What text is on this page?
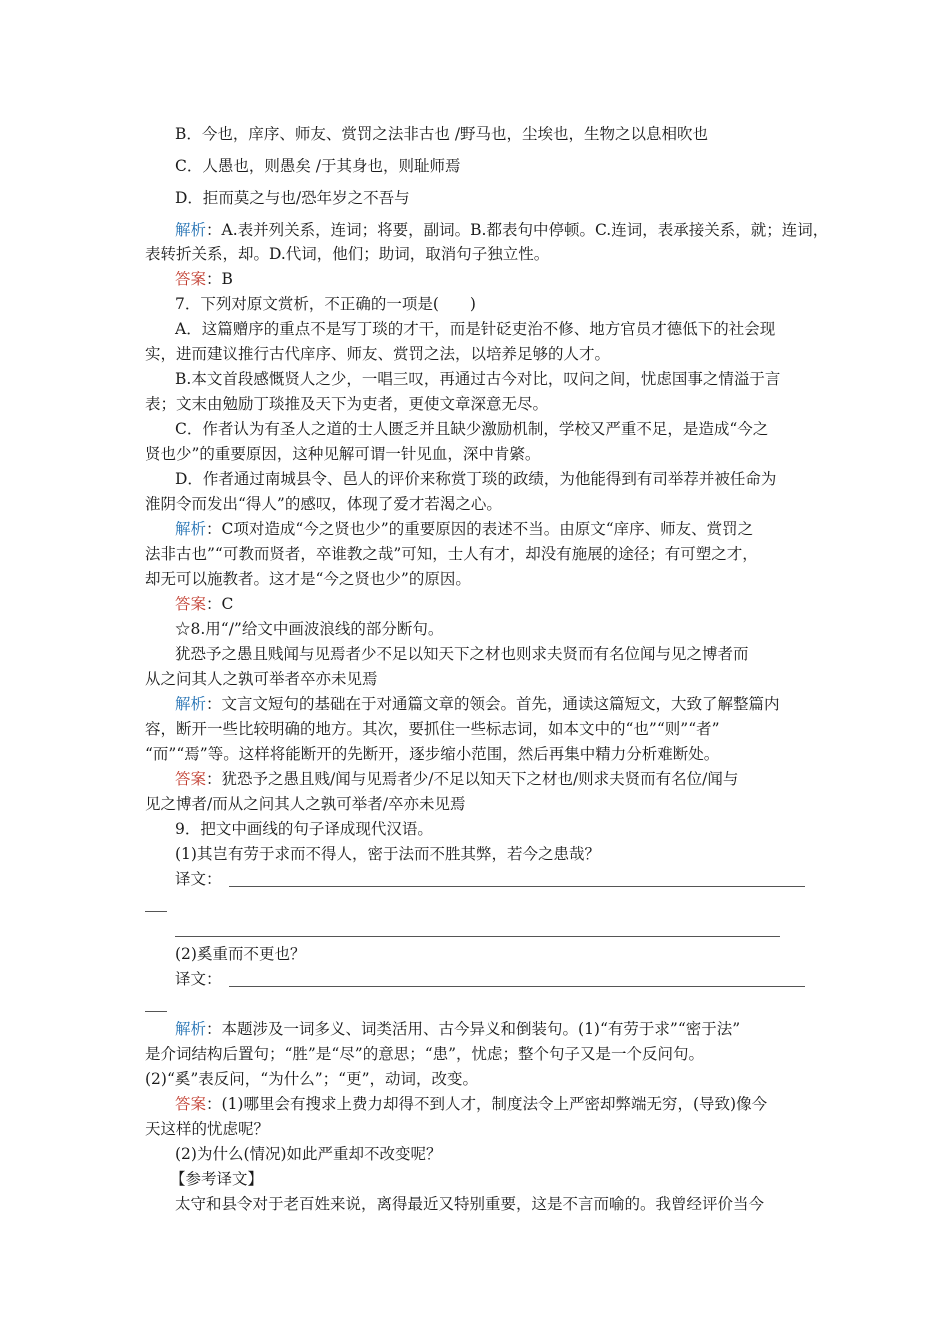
B．今也，庠序、师友、赏罚之法非古也 /野马也，尘埃也，生物之以息相吹也
C．人愚也，则愚矣 /于其身也，则耻师焉
D．拒而莫之与也/恐年岁之不吾与
解析：A.表并列关系，连词；将要，副词。B.都表句中停顿。C.连词，表承接关系，就；连词，
表转折关系，却。D.代词，他们；助词，取消句子独立性。
答案：B
7．下列对原文赏析，不正确的一项是(　　)
A．这篇赠序的重点不是写丁琰的才干，而是针砭吏治不修、地方官员才德低下的社会现
实，进而建议推行古代庠序、师友、赏罚之法，以培养足够的人才。
B.本文首段感慨贤人之少，一唱三叹，再通过古今对比，叹问之间，忧虑国事之情溢于言
表；文末由勉励丁琰推及天下为吏者，更使文章深意无尽。
C．作者认为有圣人之道的士人匮乏并且缺少激励机制，学校又严重不足，是造成“今之
贤也少”的重要原因，这种见解可谓一针见血，深中肯綮。
D．作者通过南城县令、邑人的评价来称赏丁琰的政绩，为他能得到有司举荐并被任命为
淮阴令而发出“得人”的感叹，体现了爱才若渴之心。
解析：C项对造成“今之贤也少”的重要原因的表述不当。由原文“庠序、师友、赏罚之
法非古也”“可教而贤者，卒谁教之哉”可知，士人有才，却没有施展的途径；有可塑之才，
却无可以施教者。这才是“今之贤也少”的原因。
答案：C
☆8.用“/”给文中画波浪线的部分断句。
犹恐予之愚且贱闻与见焉者少不足以知天下之材也则求夫贤而有名位闻与见之博者而
从之问其人之孰可举者卒亦未见焉
解析：文言文短句的基础在于对通篇文章的领会。首先，通读这篇短文，大致了解整篇内
容，断开一些比较明确的地方。其次，要抓住一些标志词，如本文中的“也”“则”“者”
“而”“焉”等。这样将能断开的先断开，逐步缩小范围，然后再集中精力分析难断处。
答案：犹恐予之愚且贱/闻与见焉者少/不足以知天下之材也/则求夫贤而有名位/闻与
见之博者/而从之问其人之孰可举者/卒亦未见焉
9．把文中画线的句子译成现代汉语。
(1)其岂有劳于求而不得人，密于法而不胜其弊，若今之患哉？
译文：
(2)奚重而不更也？
译文：
解析：本题涉及一词多义、词类活用、古今异义和倒装句。(1)“有劳于求”“密于法”
是介词结构后置句；“胜”是“尽”的意思；“患”，忧虑；整个句子又是一个反问句。
(2)“奚”表反问，“为什么”；“更”，动词，改变。
答案：(1)哪里会有搜求上费力却得不到人才，制度法令上严密却弊端无穷，(导致)像今
天这样的忧虑呢？
(2)为什么(情况)如此严重却不改变呢？
【参考译文】
太守和县令对于老百姓来说，离得最近又特别重要，这是不言而喻的。我曾经评价当今
